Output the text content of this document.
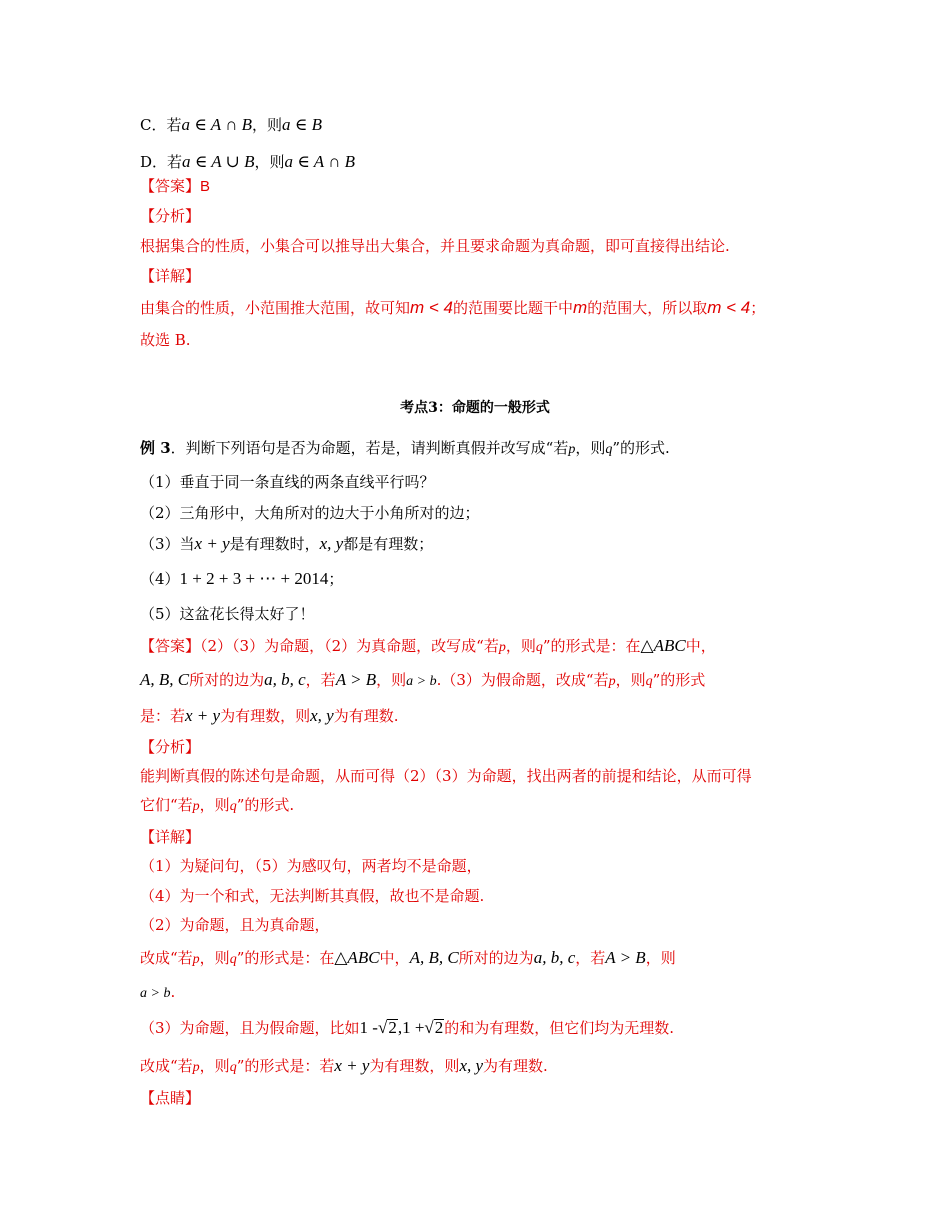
C．若a ∈ A ∩ B，则a ∈ B
D．若a ∈ A ∪ B，则a ∈ A ∩ B
【答案】B
【分析】
根据集合的性质，小集合可以推导出大集合，并且要求命题为真命题，即可直接得出结论.
【详解】
由集合的性质，小范围推大范围，故可知m < 4的范围要比题干中m的范围大，所以取m < 4；
故选 B.
考点3：命题的一般形式
例 3．判断下列语句是否为命题，若是，请判断真假并改写成“若p，则q”的形式.
（1）垂直于同一条直线的两条直线平行吗？
（2）三角形中，大角所对的边大于小角所对的边；
（3）当x + y是有理数时，x, y都是有理数；
（4）1 + 2 + 3 + ⋯ + 2014；
（5）这盆花长得太好了！
【答案】（2）（3）为命题，（2）为真命题，改写成“若p，则q”的形式是：在△ABC中，
A, B, C所对的边为a, b, c，若A > B，则a > b.（3）为假命题，改成“若p，则q”的形式
是：若x + y为有理数，则x, y为有理数.
【分析】
能判断真假的陈述句是命题，从而可得（2）（3）为命题，找出两者的前提和结论，从而可得
它们“若p，则q”的形式.
【详解】
（1）为疑问句，（5）为感叹句，两者均不是命题，
（4）为一个和式，无法判断其真假，故也不是命题.
（2）为命题，且为真命题，
改成“若p，则q”的形式是：在△ABC中，A, B, C所对的边为a, b, c，若A > B，则
a > b.
（3）为命题，且为假命题，比如1 -√2,1 +√2的和为有理数，但它们均为无理数.
改成“若p，则q”的形式是：若x + y为有理数，则x, y为有理数.
【点睛】
